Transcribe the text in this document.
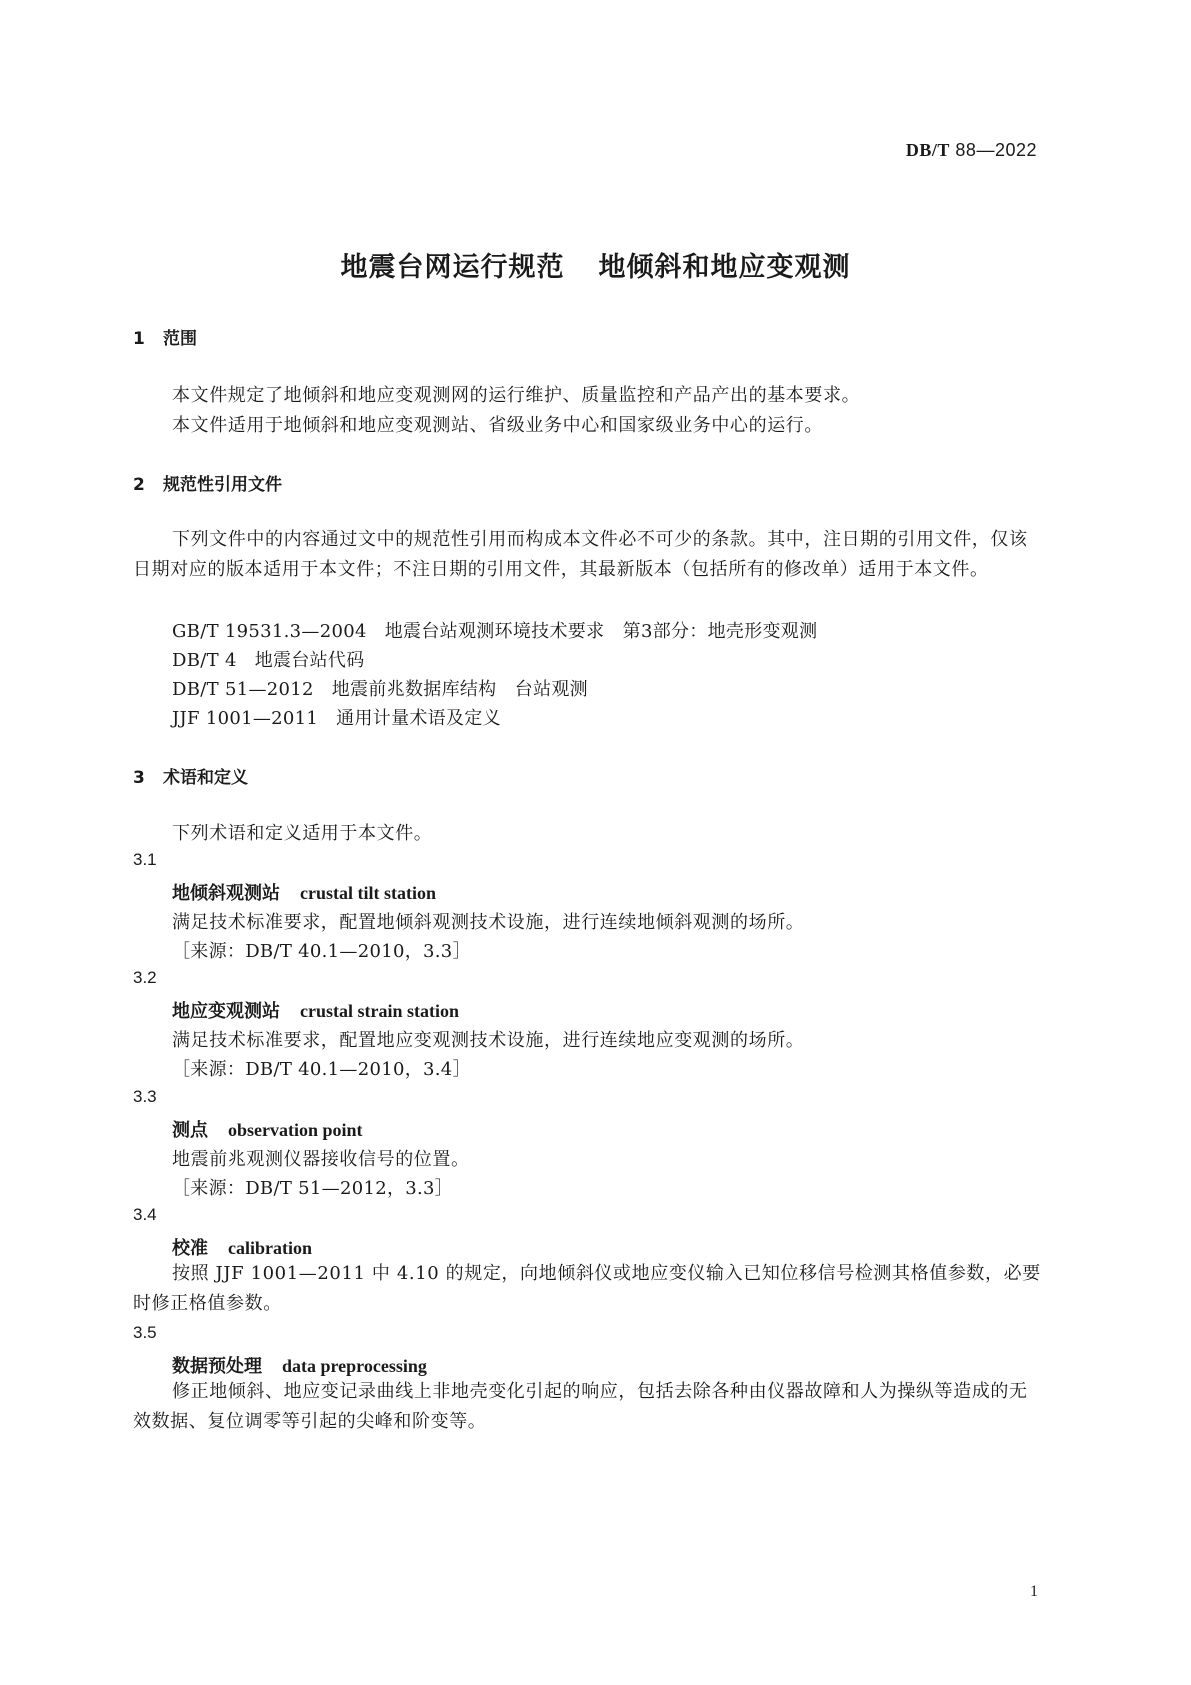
DB/T 88—2022
地震台网运行规范 地倾斜和地应变观测
1 范围
本文件规定了地倾斜和地应变观测网的运行维护、质量监控和产品产出的基本要求。
本文件适用于地倾斜和地应变观测站、省级业务中心和国家级业务中心的运行。
2 规范性引用文件
下列文件中的内容通过文中的规范性引用而构成本文件必不可少的条款。其中，注日期的引用文件，仅该日期对应的版本适用于本文件；不注日期的引用文件，其最新版本（包括所有的修改单）适用于本文件。
GB/T 19531.3—2004 地震台站观测环境技术要求　第3部分：地壳形变观测
DB/T 4 地震台站代码
DB/T 51—2012 地震前兆数据库结构　台站观测
JJF 1001—2011 通用计量术语及定义
3 术语和定义
下列术语和定义适用于本文件。
3.1
地倾斜观测站 crustal tilt station
满足技术标准要求，配置地倾斜观测技术设施，进行连续地倾斜观测的场所。
［来源：DB/T 40.1—2010，3.3］
3.2
地应变观测站 crustal strain station
满足技术标准要求，配置地应变观测技术设施，进行连续地应变观测的场所。
［来源：DB/T 40.1—2010，3.4］
3.3
测点 observation point
地震前兆观测仪器接收信号的位置。
［来源：DB/T 51—2012，3.3］
3.4
校准 calibration
按照 JJF 1001—2011 中 4.10 的规定，向地倾斜仪或地应变仪输入已知位移信号检测其格值参数，必要时修正格值参数。
3.5
数据预处理 data preprocessing
修正地倾斜、地应变记录曲线上非地壳变化引起的响应，包括去除各种由仪器故障和人为操纵等造成的无效数据、复位调零等引起的尖峰和阶变等。
1
